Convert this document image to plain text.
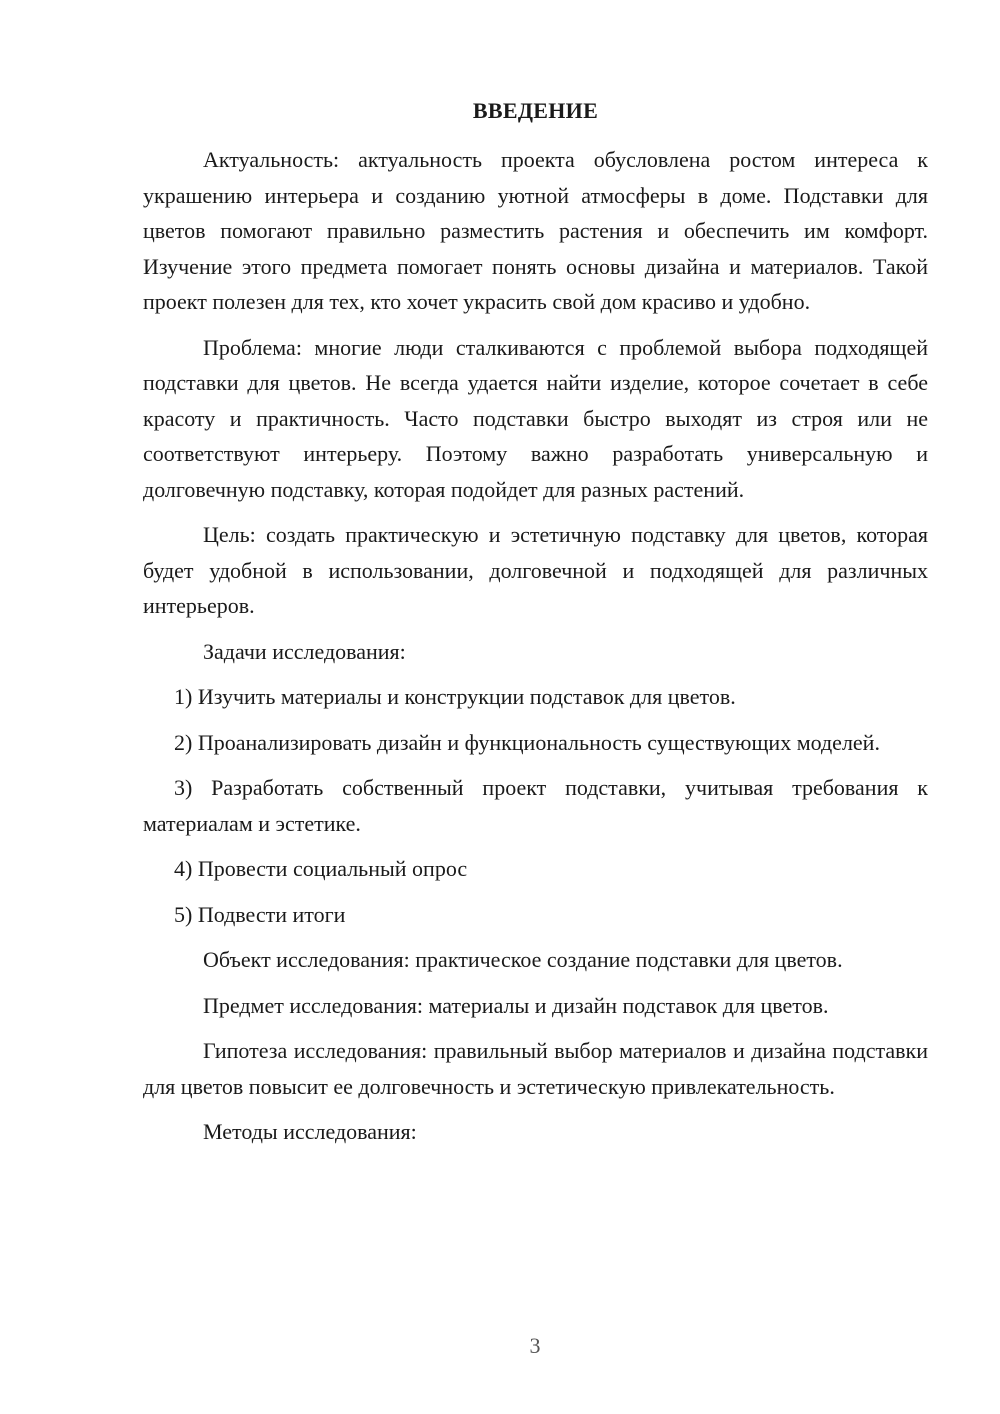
ВВЕДЕНИЕ

Актуальность: актуальность проекта обусловлена ростом интереса к украшению интерьера и созданию уютной атмосферы в доме. Подставки для цветов помогают правильно разместить растения и обеспечить им комфорт. Изучение этого предмета помогает понять основы дизайна и материалов. Такой проект полезен для тех, кто хочет украсить свой дом красиво и удобно.

Проблема: многие люди сталкиваются с проблемой выбора подходящей подставки для цветов. Не всегда удается найти изделие, которое сочетает в себе красоту и практичность. Часто подставки быстро выходят из строя или не соответствуют интерьеру. Поэтому важно разработать универсальную и долговечную подставку, которая подойдет для разных растений.

Цель: создать практическую и эстетичную подставку для цветов, которая будет удобной в использовании, долговечной и подходящей для различных интерьеров.

Задачи исследования:

1) Изучить материалы и конструкции подставок для цветов.

2) Проанализировать дизайн и функциональность существующих моделей.

3) Разработать собственный проект подставки, учитывая требования к материалам и эстетике.

4) Провести социальный опрос

5) Подвести итоги

Объект исследования: практическое создание подставки для цветов.

Предмет исследования: материалы и дизайн подставок для цветов.

Гипотеза исследования: правильный выбор материалов и дизайна подставки для цветов повысит ее долговечность и эстетическую привлекательность.

Методы исследования:

3
